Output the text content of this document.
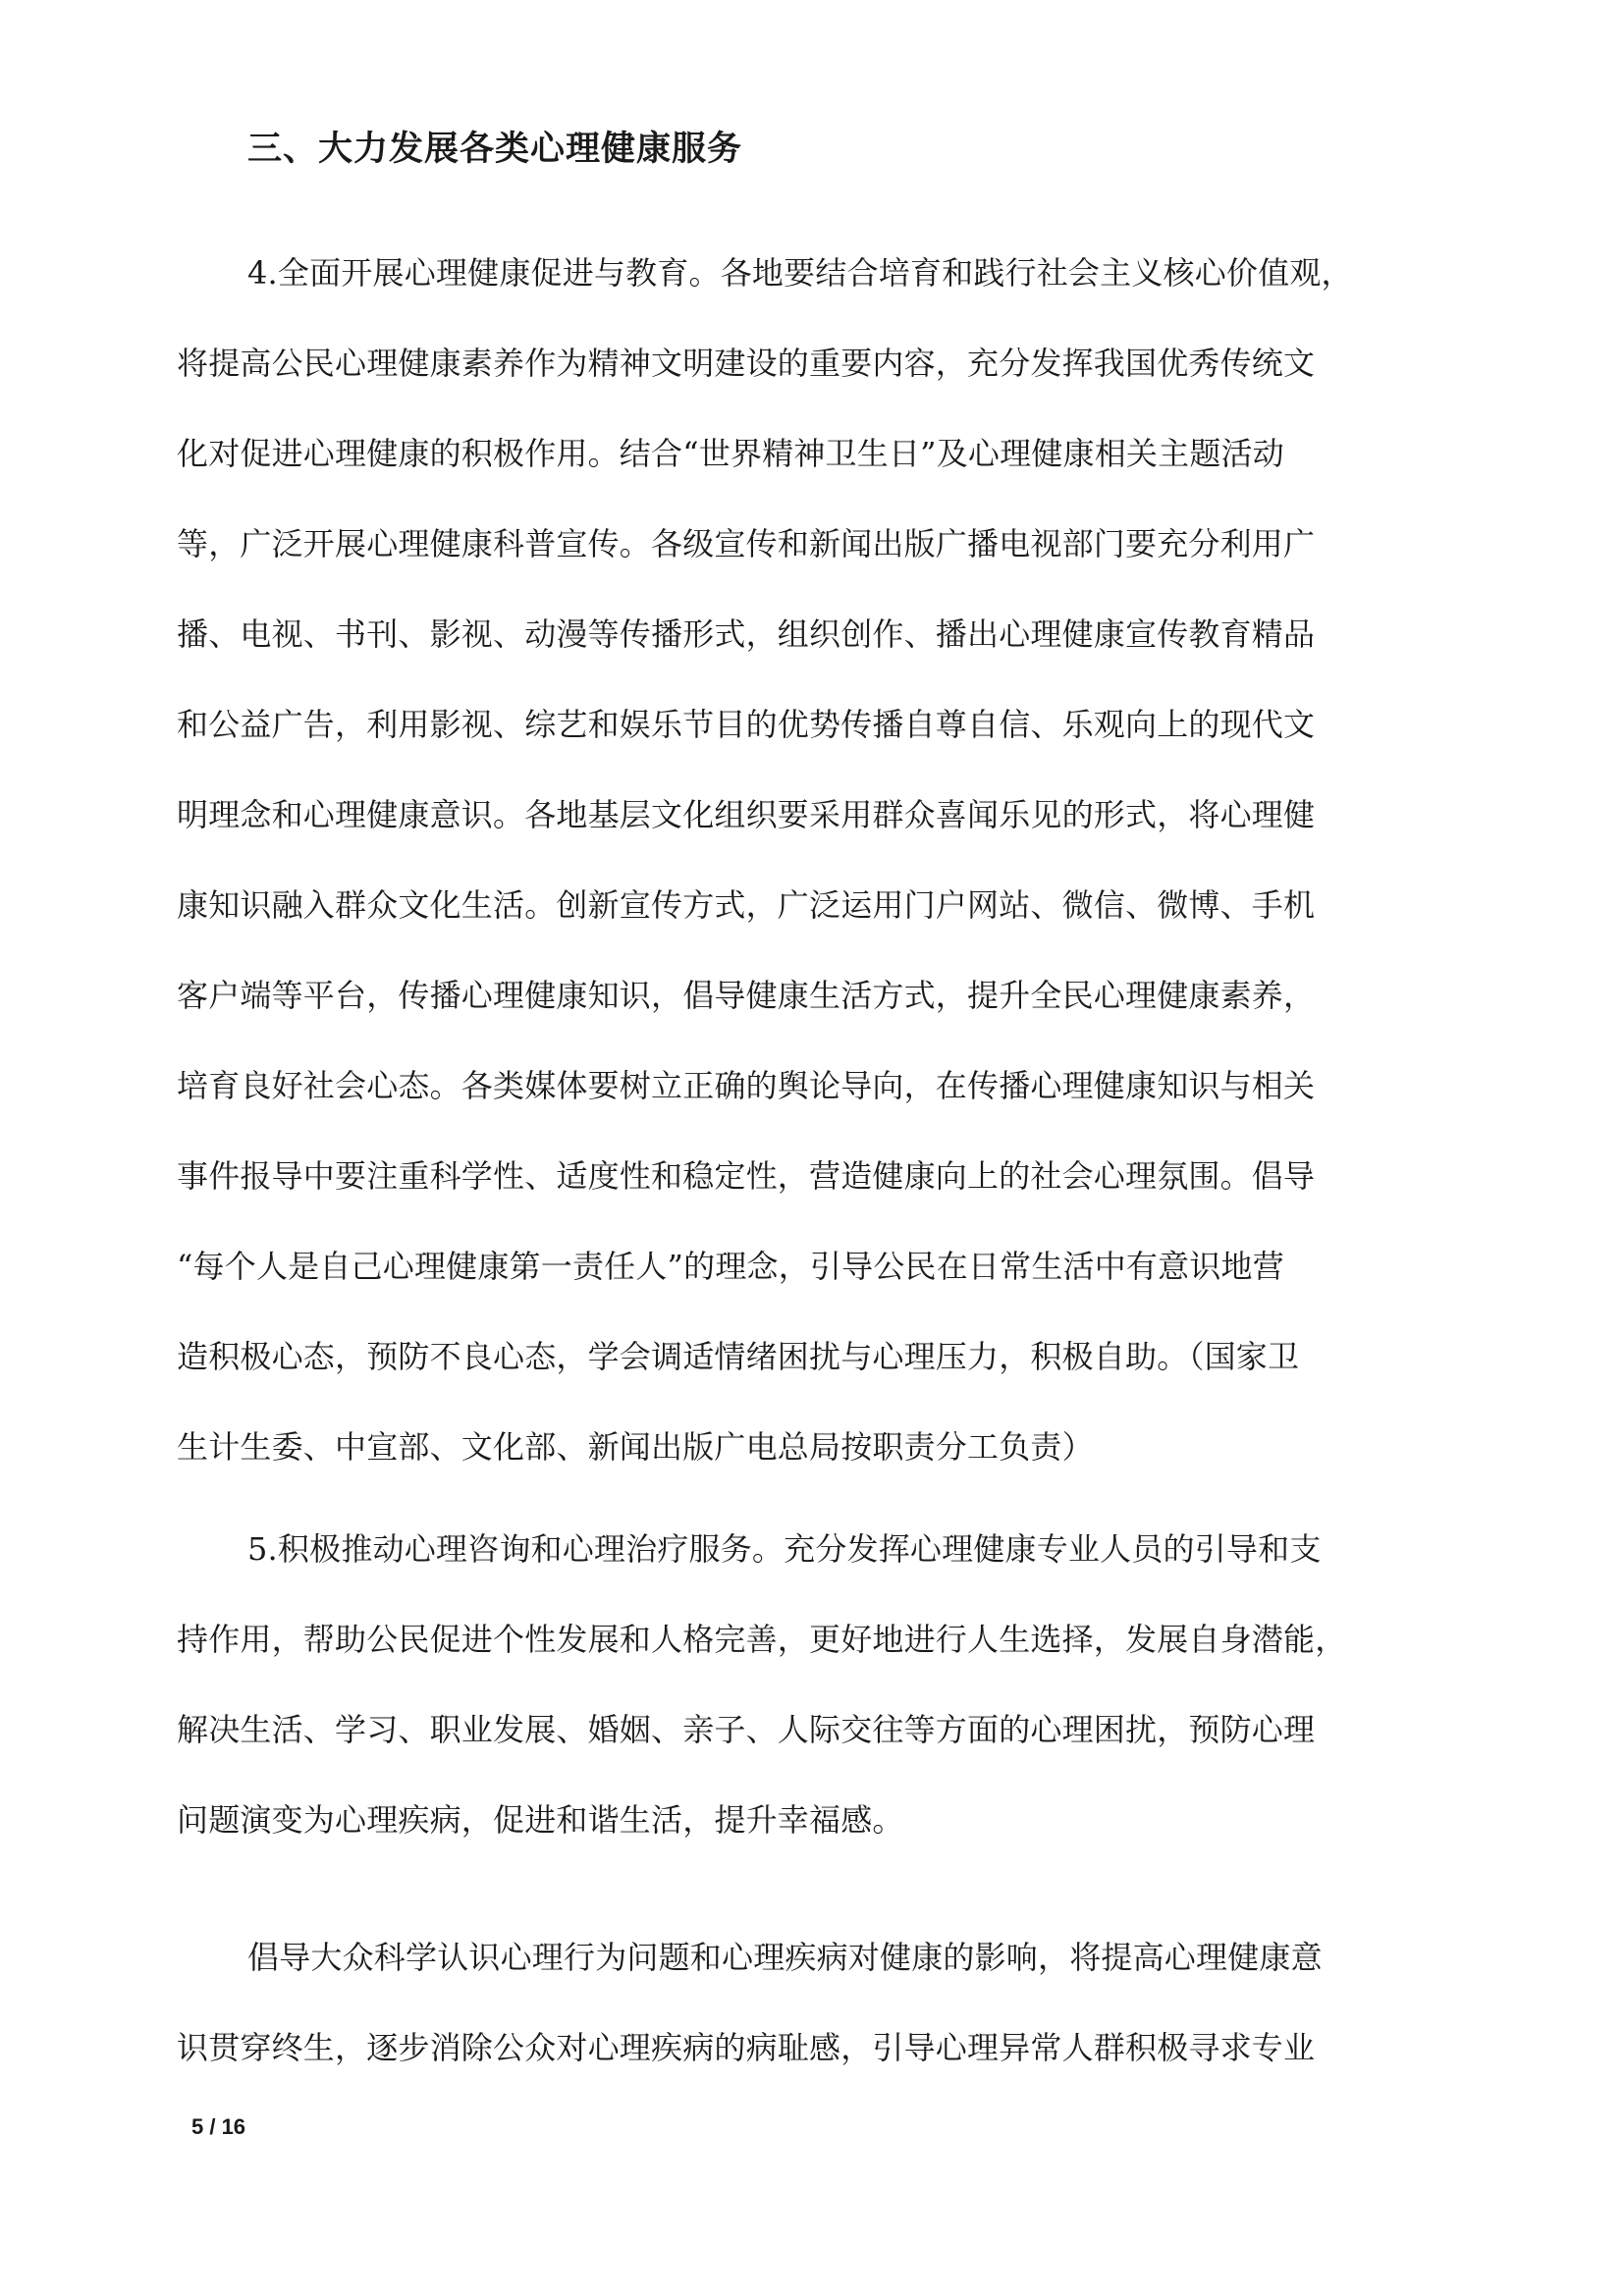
三、大力发展各类心理健康服务

4.全面开展心理健康促进与教育。各地要结合培育和践行社会主义核心价值观，
将提高公民心理健康素养作为精神文明建设的重要内容，充分发挥我国优秀传统文
化对促进心理健康的积极作用。结合“世界精神卫生日”及心理健康相关主题活动
等，广泛开展心理健康科普宣传。各级宣传和新闻出版广播电视部门要充分利用广
播、电视、书刊、影视、动漫等传播形式，组织创作、播出心理健康宣传教育精品
和公益广告，利用影视、综艺和娱乐节目的优势传播自尊自信、乐观向上的现代文
明理念和心理健康意识。各地基层文化组织要采用群众喜闻乐见的形式，将心理健
康知识融入群众文化生活。创新宣传方式，广泛运用门户网站、微信、微博、手机
客户端等平台，传播心理健康知识，倡导健康生活方式，提升全民心理健康素养，
培育良好社会心态。各类媒体要树立正确的舆论导向，在传播心理健康知识与相关
事件报导中要注重科学性、适度性和稳定性，营造健康向上的社会心理氛围。倡导
“每个人是自己心理健康第一责任人”的理念，引导公民在日常生活中有意识地营
造积极心态，预防不良心态，学会调适情绪困扰与心理压力，积极自助。（国家卫
生计生委、中宣部、文化部、新闻出版广电总局按职责分工负责）

5.积极推动心理咨询和心理治疗服务。充分发挥心理健康专业人员的引导和支
持作用，帮助公民促进个性发展和人格完善，更好地进行人生选择，发展自身潜能，
解决生活、学习、职业发展、婚姻、亲子、人际交往等方面的心理困扰，预防心理
问题演变为心理疾病，促进和谐生活，提升幸福感。

倡导大众科学认识心理行为问题和心理疾病对健康的影响，将提高心理健康意
识贯穿终生，逐步消除公众对心理疾病的病耻感，引导心理异常人群积极寻求专业

5 / 16
